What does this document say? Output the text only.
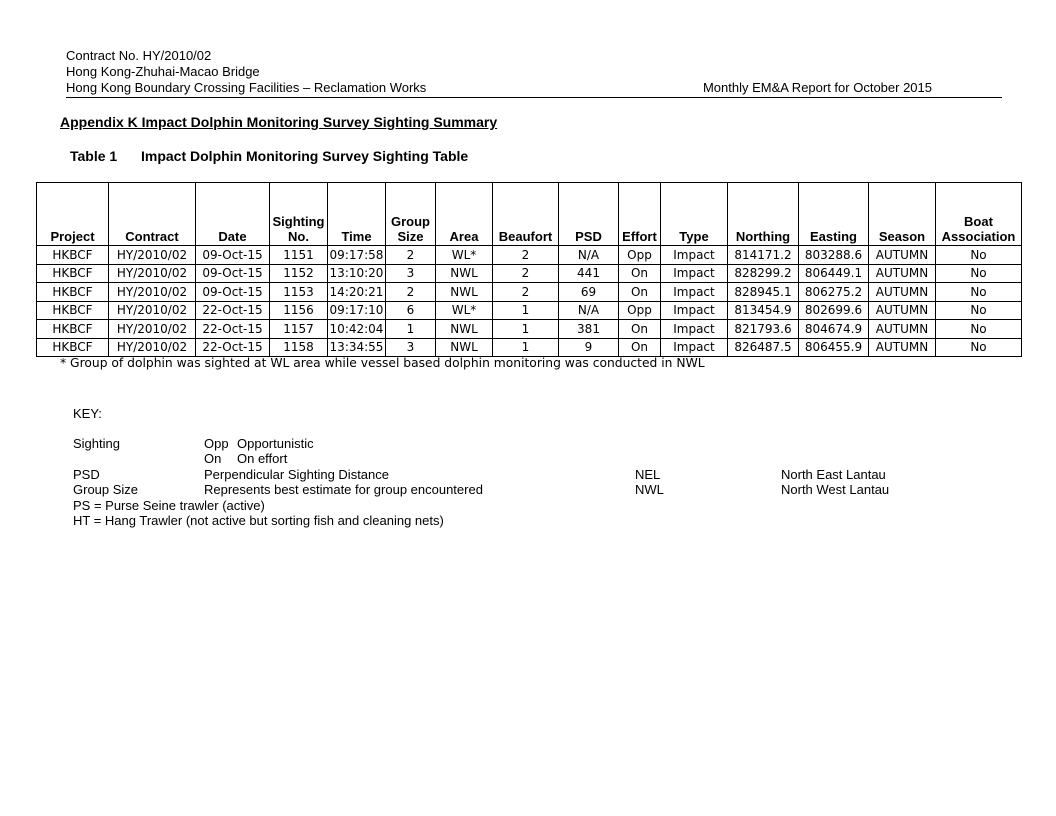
Contract No. HY/2010/02
Hong Kong-Zhuhai-Macao Bridge
Hong Kong Boundary Crossing Facilities – Reclamation Works	Monthly EM&A Report for October 2015
Appendix K Impact Dolphin Monitoring Survey Sighting Summary
Table 1 Impact Dolphin Monitoring Survey Sighting Table
Project	Contract	Date	Sighting No.	Time	Group Size	Area	Beaufort	PSD	Effort	Type	Northing	Easting	Season	Boat Association
HKBCF	HY/2010/02	09-Oct-15	1151	09:17:58	2	WL*	2	N/A	Opp	Impact	814171.2	803288.6	AUTUMN	No
HKBCF	HY/2010/02	09-Oct-15	1152	13:10:20	3	NWL	2	441	On	Impact	828299.2	806449.1	AUTUMN	No
HKBCF	HY/2010/02	09-Oct-15	1153	14:20:21	2	NWL	2	69	On	Impact	828945.1	806275.2	AUTUMN	No
HKBCF	HY/2010/02	22-Oct-15	1156	09:17:10	6	WL*	1	N/A	Opp	Impact	813454.9	802699.6	AUTUMN	No
HKBCF	HY/2010/02	22-Oct-15	1157	10:42:04	1	NWL	1	381	On	Impact	821793.6	804674.9	AUTUMN	No
HKBCF	HY/2010/02	22-Oct-15	1158	13:34:55	3	NWL	1	9	On	Impact	826487.5	806455.9	AUTUMN	No
* Group of dolphin was sighted at WL area while vessel based dolphin monitoring was conducted in NWL
KEY:
Sighting	Opp Opportunistic
On On effort
PSD	Perpendicular Sighting Distance	NEL	North East Lantau
Group Size	Represents best estimate for group encountered	NWL	North West Lantau
PS = Purse Seine trawler (active)
HT = Hang Trawler (not active but sorting fish and cleaning nets)
